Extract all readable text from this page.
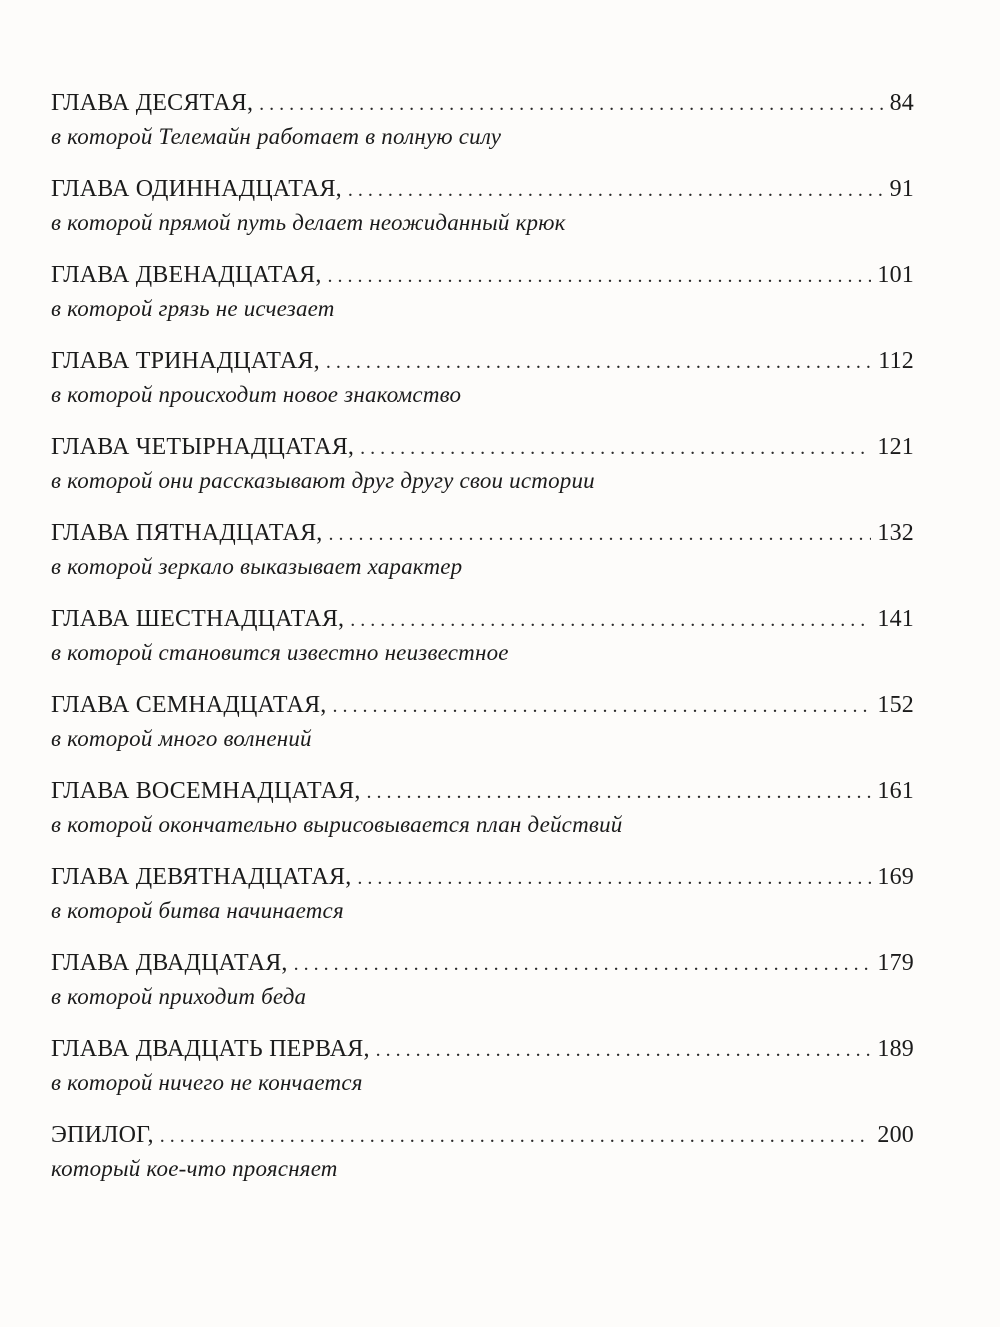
ГЛАВА ДЕСЯТАЯ, . . .	84
в которой Телемайн работает в полную силу
ГЛАВА ОДИННАДЦАТАЯ, . . .	91
в которой прямой путь делает неожиданный крюк
ГЛАВА ДВЕНАДЦАТАЯ, . . .	101
в которой грязь не исчезает
ГЛАВА ТРИНАДЦАТАЯ, . . .	112
в которой происходит новое знакомство
ГЛАВА ЧЕТЫРНАДЦАТАЯ, . . .	121
в которой они рассказывают друг другу свои истории
ГЛАВА ПЯТНАДЦАТАЯ, . . .	132
в которой зеркало выказывает характер
ГЛАВА ШЕСТНАДЦАТАЯ, . . .	141
в которой становится известно неизвестное
ГЛАВА СЕМНАДЦАТАЯ, . . .	152
в которой много волнений
ГЛАВА ВОСЕМНАДЦАТАЯ, . . .	161
в которой окончательно вырисовывается план действий
ГЛАВА ДЕВЯТНАДЦАТАЯ, . . .	169
в которой битва начинается
ГЛАВА ДВАДЦАТАЯ, . . .	179
в которой приходит беда
ГЛАВА ДВАДЦАТЬ ПЕРВАЯ, . . .	189
в которой ничего не кончается
ЭПИЛОГ, . . .	200
который кое-что проясняет
